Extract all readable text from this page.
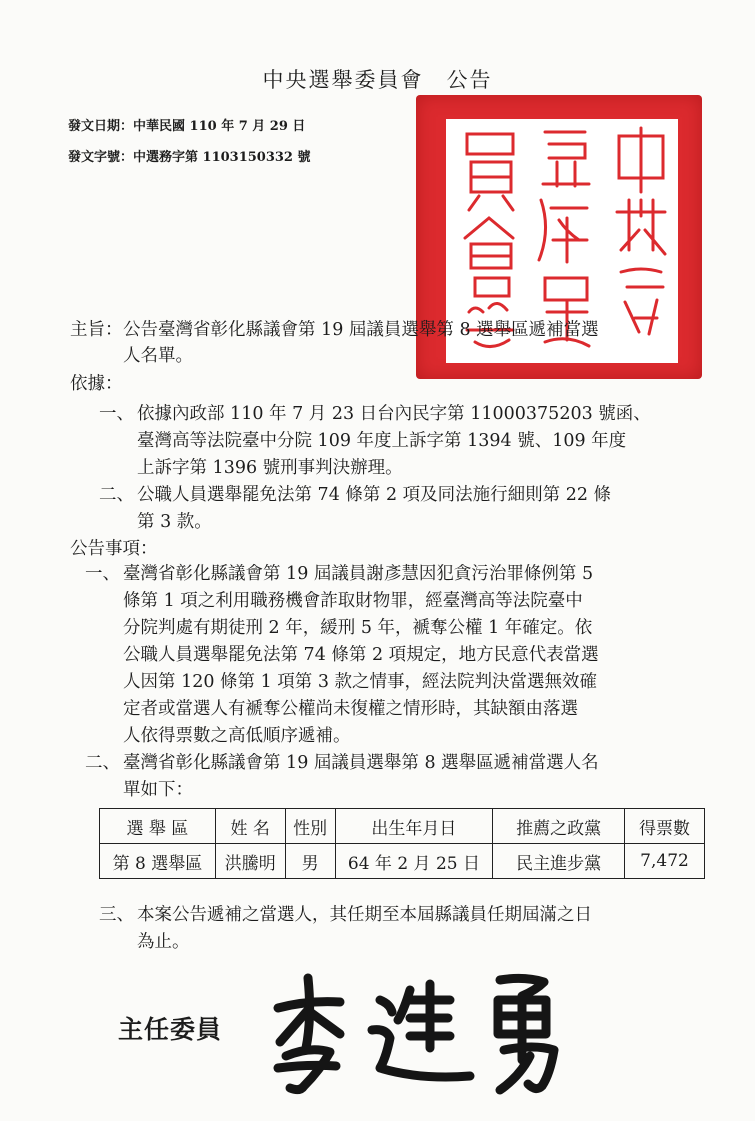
中央選舉委員會　公告
發文日期：中華民國 110 年 7 月 29 日
發文字號：中選務字第 1103150332 號
主旨： 公告臺灣省彰化縣議會第 19 屆議員選舉第 8 選舉區遞補當選
人名單。
依據：
一、 依據內政部 110 年 7 月 23 日台內民字第 11000375203 號函、
臺灣高等法院臺中分院 109 年度上訴字第 1394 號、109 年度
上訴字第 1396 號刑事判決辦理。
二、 公職人員選舉罷免法第 74 條第 2 項及同法施行細則第 22 條
第 3 款。
公告事項：
一、 臺灣省彰化縣議會第 19 屆議員謝彥慧因犯貪污治罪條例第 5
條第 1 項之利用職務機會詐取財物罪，經臺灣高等法院臺中
分院判處有期徒刑 2 年，緩刑 5 年，褫奪公權 1 年確定。依
公職人員選舉罷免法第 74 條第 2 項規定，地方民意代表當選
人因第 120 條第 1 項第 3 款之情事，經法院判決當選無效確
定者或當選人有褫奪公權尚未復權之情形時，其缺額由落選
人依得票數之高低順序遞補。
二、 臺灣省彰化縣議會第 19 屆議員選舉第 8 選舉區遞補當選人名
單如下：
選 舉 區	姓 名	性別	出生年月日	推薦之政黨	得票數
第 8 選舉區	洪騰明	男	64 年 2 月 25 日	民主進步黨	7,472
三、 本案公告遞補之當選人，其任期至本屆縣議員任期屆滿之日
為止。
主任委員
